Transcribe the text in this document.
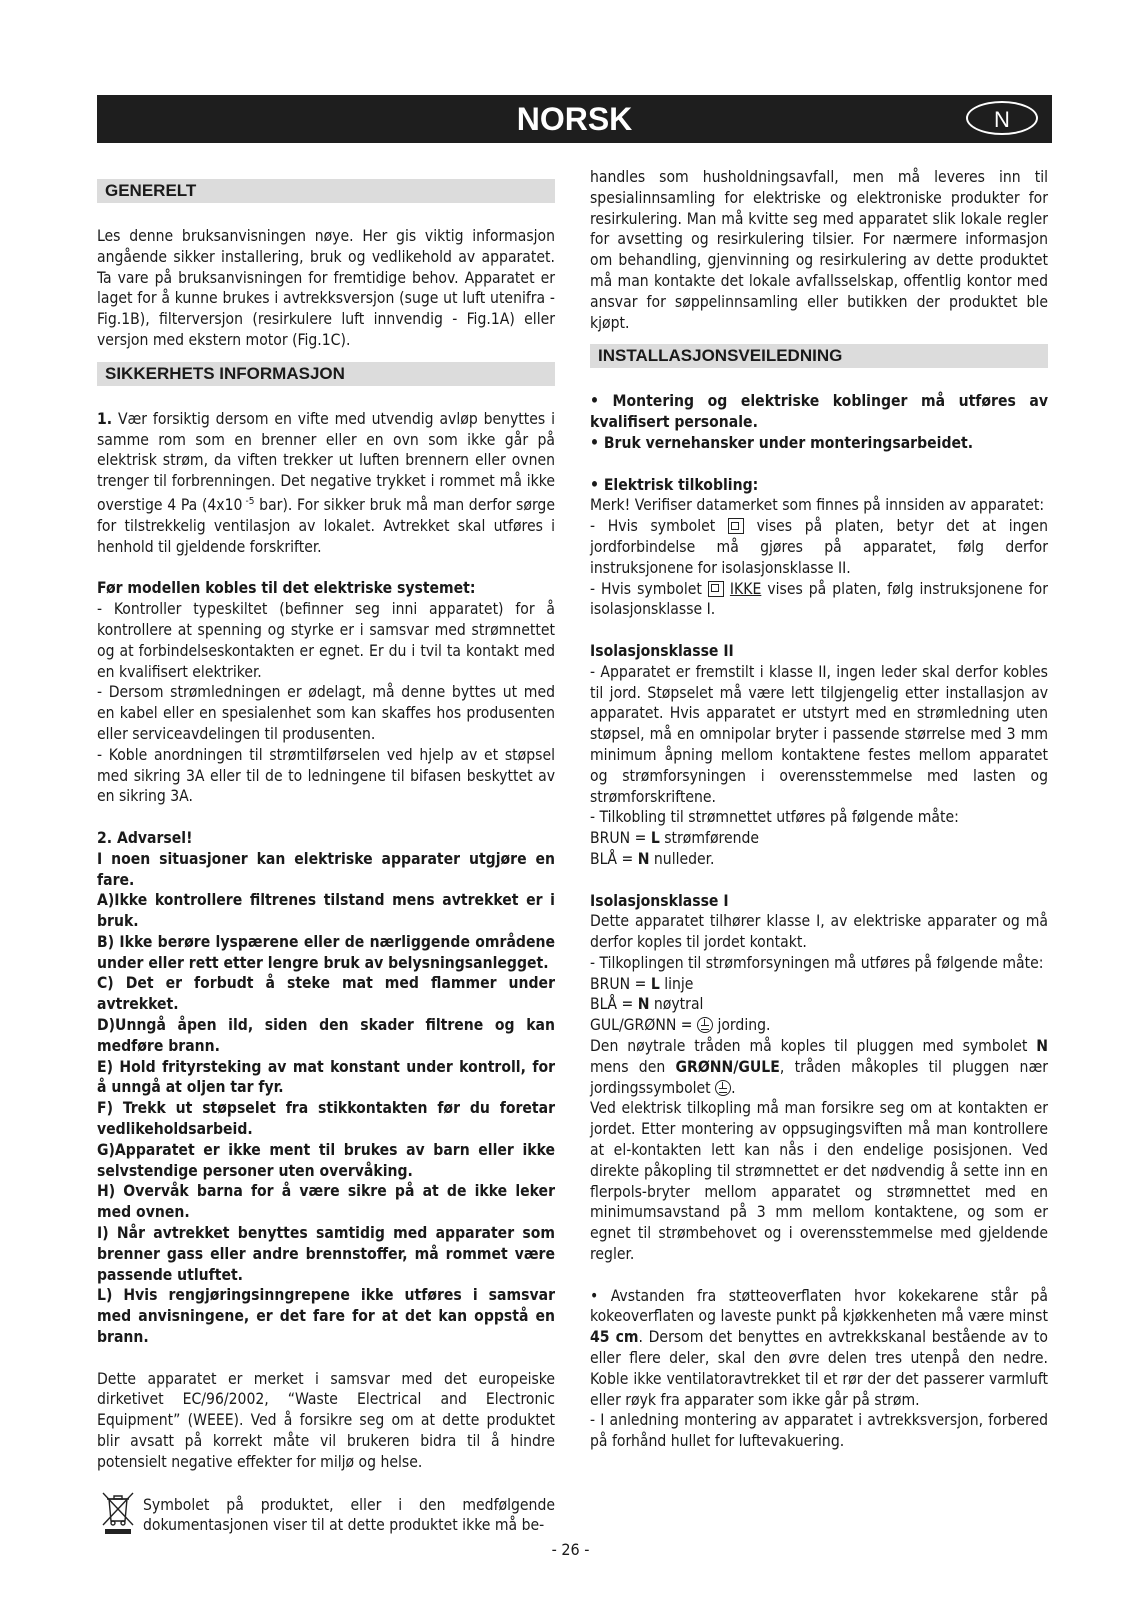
NORSK	N
GENERELT

Les denne bruksanvisningen nøye. Her gis viktig informasjon angående sikker installering, bruk og vedlikehold av apparatet. Ta vare på bruksanvisningen for fremtidige behov. Apparatet er laget for å kunne brukes i avtrekksversjon (suge ut luft utenifra - Fig.1B), filterversjon (resirkulere luft innvendig - Fig.1A) eller versjon med ekstern motor (Fig.1C).

SIKKERHETS INFORMASJON

1. Vær forsiktig dersom en vifte med utvendig avløp benyttes i samme rom som en brenner eller en ovn som ikke går på elektrisk strøm, da viften trekker ut luften brennern eller ovnen trenger til forbrenningen. Det negative trykket i rommet må ikke overstige 4 Pa (4x10 $^{-5}$ bar). For sikker bruk må man derfor sørge for tilstrekkelig ventilasjon av lokalet. Avtrekket skal utføres i henhold til gjeldende forskrifter.

Før modellen kobles til det elektriske systemet:

- Kontroller typeskiltet (befinner seg inni apparatet) for å kontrollere at spenning og styrke er i samsvar med strømnettet og at forbindelseskontakten er egnet. Er du i tvil ta kontakt med en kvalifisert elektriker.

- Dersom strømledningen er ødelagt, må denne byttes ut med en kabel eller en spesialenhet som kan skaffes hos produsenten eller serviceavdelingen til produsenten.

- Koble anordningen til strømtilførselen ved hjelp av et støpsel med sikring 3A eller til de to ledningene til bifasen beskyttet av en sikring 3A.

2. Advarsel!

I noen situasjoner kan elektriske apparater utgjøre en fare.

A)Ikke kontrollere filtrenes tilstand mens avtrekket er i bruk.

B) Ikke berøre lyspærene eller de nærliggende områdene under eller rett etter lengre bruk av belysningsanlegget.

C) Det er forbudt å steke mat med flammer under avtrekket.

D)Unngå åpen ild, siden den skader filtrene og kan medføre brann.

E) Hold frityrsteking av mat konstant under kontroll, for å unngå at oljen tar fyr.

F) Trekk ut støpselet fra stikkontakten før du foretar vedlikeholdsarbeid.

G)Apparatet er ikke ment til brukes av barn eller ikke selvstendige personer uten overvåking.

H) Overvåk barna for å være sikre på at de ikke leker med ovnen.

I) Når avtrekket benyttes samtidig med apparater som brenner gass eller andre brennstoffer, må rommet være passende utluftet.

L) Hvis rengjøringsinngrepene ikke utføres i samsvar med anvisningene, er det fare for at det kan oppstå en brann.

Dette apparatet er merket i samsvar med det europeiske dirketivet EC/96/2002, “Waste Electrical and Electronic Equipment” (WEEE). Ved å forsikre seg om at dette produktet blir avsatt på korrekt måte vil brukeren bidra til å hindre potensielt negative effekter for miljø og helse.

Symbolet på produktet, eller i den medfølgende dokumentasjonen viser til at dette produktet ikke må be-

handles som husholdningsavfall, men må leveres inn til spesialinnsamling for elektriske og elektroniske produkter for resirkulering. Man må kvitte seg med apparatet slik lokale regler for avsetting og resirkulering tilsier. For nærmere informasjon om behandling, gjenvinning og resirkulering av dette produktet må man kontakte det lokale avfallsselskap, offentlig kontor med ansvar for søppelinnsamling eller butikken der produktet ble kjøpt.

INSTALLASJONSVEILEDNING

• Montering og elektriske koblinger må utføres av kvalifisert personale.

• Bruk vernehansker under monteringsarbeidet.

• Elektrisk tilkobling:

Merk! Verifiser datamerket som finnes på innsiden av apparatet:

- Hvis symbolet  vises på platen, betyr det at ingen jordforbindelse må gjøres på apparatet, følg derfor instruksjonene for isolasjonsklasse II.

- Hvis symbolet  IKKE vises på platen, følg instruksjonene for isolasjonsklasse I.

Isolasjonsklasse II

- Apparatet er fremstilt i klasse II, ingen leder skal derfor kobles til jord. Støpselet må være lett tilgjengelig etter installasjon av apparatet. Hvis apparatet er utstyrt med en strømledning uten støpsel, må en omnipolar bryter i passende størrelse med 3 mm minimum åpning mellom kontaktene festes mellom apparatet og strømforsyningen i overensstemmelse med lasten og strømforskriftene.

- Tilkobling til strømnettet utføres på følgende måte:

BRUN = L strømførende

BLÅ = N nulleder.

Isolasjonsklasse I

Dette apparatet tilhører klasse I, av elektriske apparater og må derfor koples til jordet kontakt.

- Tilkoplingen til strømforsyningen må utføres på følgende måte:

BRUN = L linje

BLÅ = N nøytral

GUL/GRØNN =  jording.

Den nøytrale tråden må koples til pluggen med symbolet N mens den GRØNN/GULE, tråden måkoples til pluggen nær jordingssymbolet .

Ved elektrisk tilkopling må man forsikre seg om at kontakten er jordet. Etter montering av oppsugingsviften må man kontrollere at el-kontakten lett kan nås i den endelige posisjonen. Ved direkte påkopling til strømnettet er det nødvendig å sette inn en flerpols-bryter mellom apparatet og strømnettet med en minimumsavstand på 3 mm mellom kontaktene, og som er egnet til strømbehovet og i overensstemmelse med gjeldende regler.

• Avstanden fra støtteoverflaten hvor kokekarene står på kokeoverflaten og laveste punkt på kjøkkenheten må være minst 45 cm. Dersom det benyttes en avtrekkskanal bestående av to eller flere deler, skal den øvre delen tres utenpå den nedre. Koble ikke ventilatoravtrekket til et rør der det passerer varmluft eller røyk fra apparater som ikke går på strøm.

- I anledning montering av apparatet i avtrekksversjon, forbered på forhånd hullet for luftevakuering.

- 26 -
